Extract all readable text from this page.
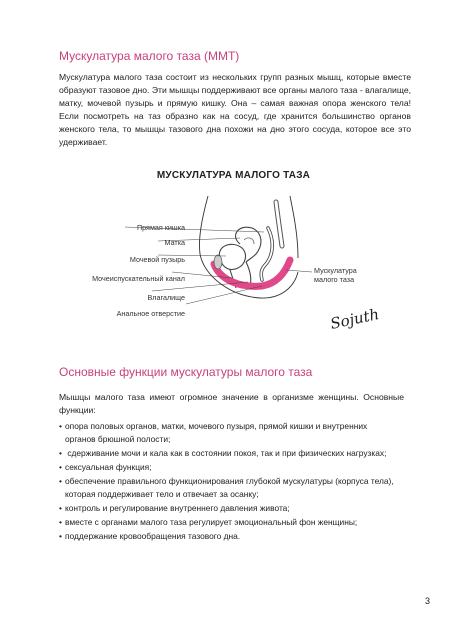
Мускулатура малого таза (ММТ)

Мускулатура малого таза состоит из нескольких групп разных мышц, которые вместе образуют тазовое дно. Эти мышцы поддерживают все органы малого таза - влагалище, матку, мочевой пузырь и прямую кишку. Она – самая важная опора женского тела! Если посмотреть на таз образно как на сосуд, где хранится большинство органов женского тела, то мышцы тазового дна похожи на дно этого сосуда, которое все это удерживает.

МУСКУЛАТУРА МАЛОГО ТАЗА
Прямая кишка
Матка
Мочевой пузырь
Мочеиспускательный канал
Влагалище
Анальное отверстие
Мускулатура малого таза
Sojuth
Основные функции мускулатуры малого таза

Мышцы малого таза имеют огромное значение в организме женщины. Основные функции:

• опора половых органов, матки, мочевого пузыря, прямой кишки и внутренних органов брюшной полости;
• сдерживание мочи и кала как в состоянии покоя, так и при физических нагрузках;
• сексуальная функция;
• обеспечение правильного функционирования глубокой мускулатуры (корпуса тела), которая поддерживает тело и отвечает за осанку;
• контроль и регулирование внутреннего давления живота;
• вместе с органами малого таза регулирует эмоциональный фон женщины;
• поддержание кровообращения тазового дна.
3
